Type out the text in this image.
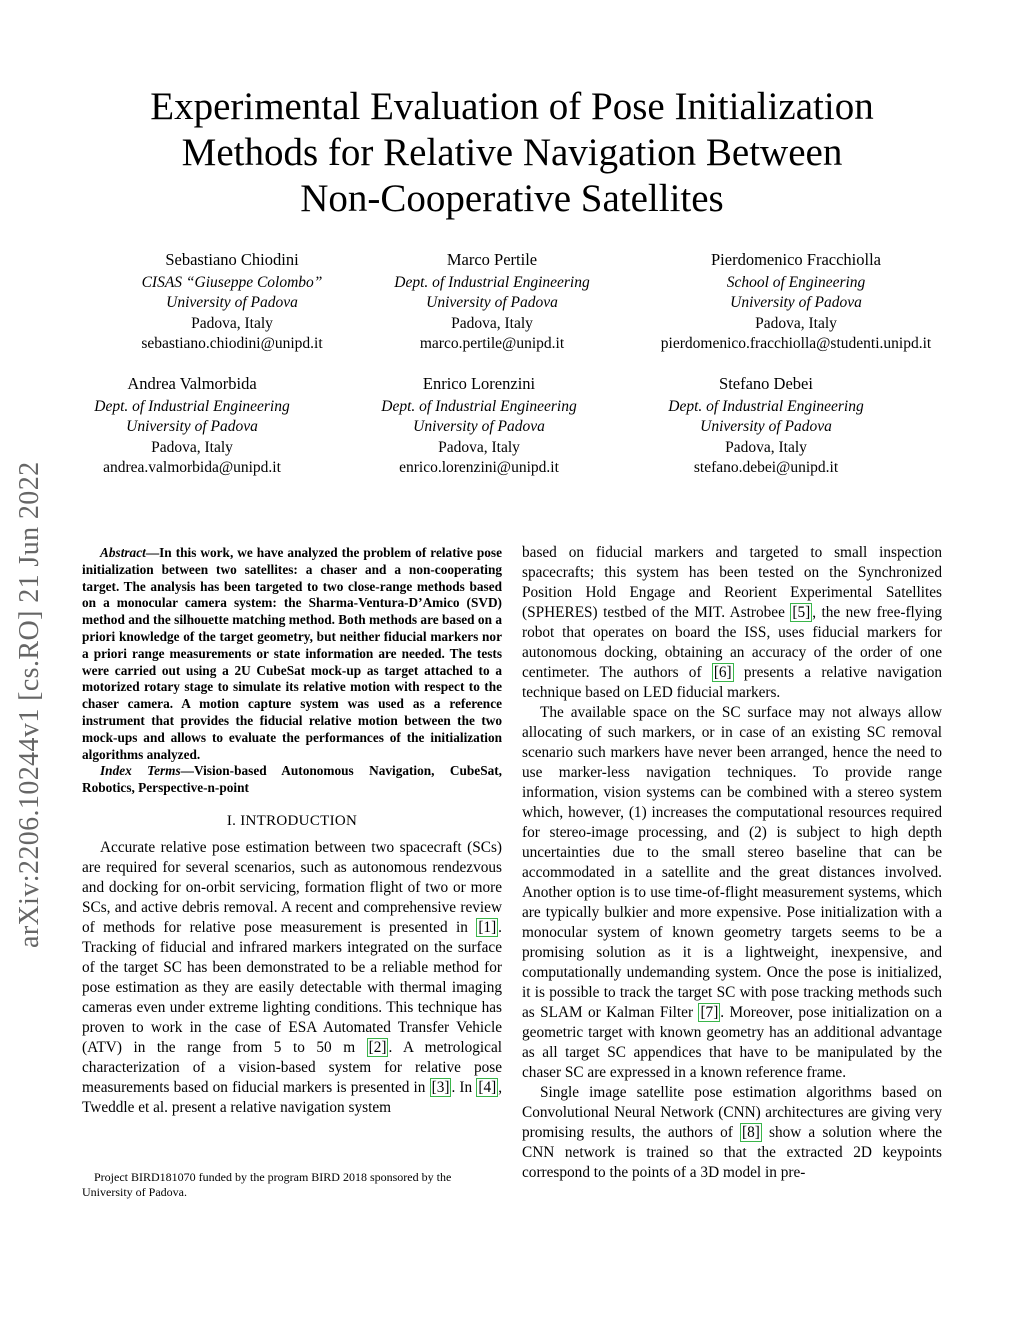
Experimental Evaluation of Pose Initialization
Methods for Relative Navigation Between
Non-Cooperative Satellites
arXiv:2206.10244v1 [cs.RO] 21 Jun 2022
Sebastiano Chiodini
CISAS “Giuseppe Colombo”
University of Padova
Padova, Italy
sebastiano.chiodini@unipd.it
Marco Pertile
Dept. of Industrial Engineering
University of Padova
Padova, Italy
marco.pertile@unipd.it
Pierdomenico Fracchiolla
School of Engineering
University of Padova
Padova, Italy
pierdomenico.fracchiolla@studenti.unipd.it
Andrea Valmorbida
Dept. of Industrial Engineering
University of Padova
Padova, Italy
andrea.valmorbida@unipd.it
Enrico Lorenzini
Dept. of Industrial Engineering
University of Padova
Padova, Italy
enrico.lorenzini@unipd.it
Stefano Debei
Dept. of Industrial Engineering
University of Padova
Padova, Italy
stefano.debei@unipd.it

Abstract—In this work, we have analyzed the problem of relative pose initialization between two satellites: a chaser and a non-cooperating target. The analysis has been targeted to two close-range methods based on a monocular camera system: the Sharma-Ventura-D’Amico (SVD) method and the silhouette matching method. Both methods are based on a priori knowledge of the target geometry, but neither fiducial markers nor a priori range measurements or state information are needed. The tests were carried out using a 2U CubeSat mock-up as target attached to a motorized rotary stage to simulate its relative motion with respect to the chaser camera. A motion capture system was used as a reference instrument that provides the fiducial relative motion between the two mock-ups and allows to evaluate the performances of the initialization algorithms analyzed.

Index Terms—Vision-based Autonomous Navigation, CubeSat, Robotics, Perspective-n-point

I. INTRODUCTION

Accurate relative pose estimation between two spacecraft (SCs) are required for several scenarios, such as autonomous rendezvous and docking for on-orbit servicing, formation flight of two or more SCs, and active debris removal. A recent and comprehensive review of methods for relative pose measurement is presented in [1] . Tracking of fiducial and infrared markers integrated on the surface of the target SC has been demonstrated to be a reliable method for pose estimation as they are easily detectable with thermal imaging cameras even under extreme lighting conditions. This technique has proven to work in the case of ESA Automated Transfer Vehicle (ATV) in the range from 5 to 50 m [2] . A metrological characterization of a vision-based system for relative pose measurements based on fiducial markers is presented in [3] . In [4] , Tweddle et al. present a relative navigation system

Project BIRD181070 funded by the program BIRD 2018 sponsored by the University of Padova.

based on fiducial markers and targeted to small inspection spacecrafts; this system has been tested on the Synchronized Position Hold Engage and Reorient Experimental Satellites (SPHERES) testbed of the MIT. Astrobee [5] , the new free-flying robot that operates on board the ISS, uses fiducial markers for autonomous docking, obtaining an accuracy of the order of one centimeter. The authors of [6] presents a relative navigation technique based on LED fiducial markers.

The available space on the SC surface may not always allow allocating of such markers, or in case of an existing SC removal scenario such markers have never been arranged, hence the need to use marker-less navigation techniques. To provide range information, vision systems can be combined with a stereo system which, however, (1) increases the computational resources required for stereo-image processing, and (2) is subject to high depth uncertainties due to the small stereo baseline that can be accommodated in a satellite and the great distances involved. Another option is to use time-of-flight measurement systems, which are typically bulkier and more expensive. Pose initialization with a monocular system of known geometry targets seems to be a promising solution as it is a lightweight, inexpensive, and computationally undemanding system. Once the pose is initialized, it is possible to track the target SC with pose tracking methods such as SLAM or Kalman Filter [7] . Moreover, pose initialization on a geometric target with known geometry has an additional advantage as all target SC appendices that have to be manipulated by the chaser SC are expressed in a known reference frame.

Single image satellite pose estimation algorithms based on Convolutional Neural Network (CNN) architectures are giving very promising results, the authors of [8] show a solution where the CNN network is trained so that the extracted 2D keypoints correspond to the points of a 3D model in pre-
